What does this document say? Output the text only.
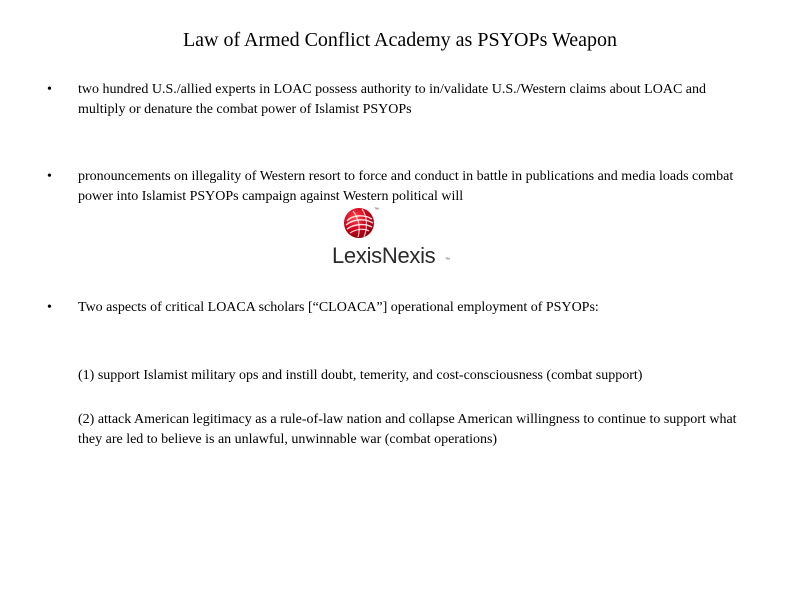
Law of Armed Conflict Academy as PSYOPs Weapon
•	two hundred U.S./allied experts in LOAC possess authority to in/validate U.S./Western claims about LOAC and multiply or denature the combat power of Islamist PSYOPs
•	pronouncements on illegality of Western resort to force and conduct in battle in publications and media loads combat power into Islamist PSYOPs campaign against Western political will
™
LexisNexis ™
•	Two aspects of critical LOACA scholars [“CLOACA”] operational employment of PSYOPs:
(1) support Islamist military ops and instill doubt, temerity, and cost-consciousness (combat support)
(2) attack American legitimacy as a rule-of-law nation and collapse American willingness to continue to support what they are led to believe is an unlawful, unwinnable war (combat operations)
